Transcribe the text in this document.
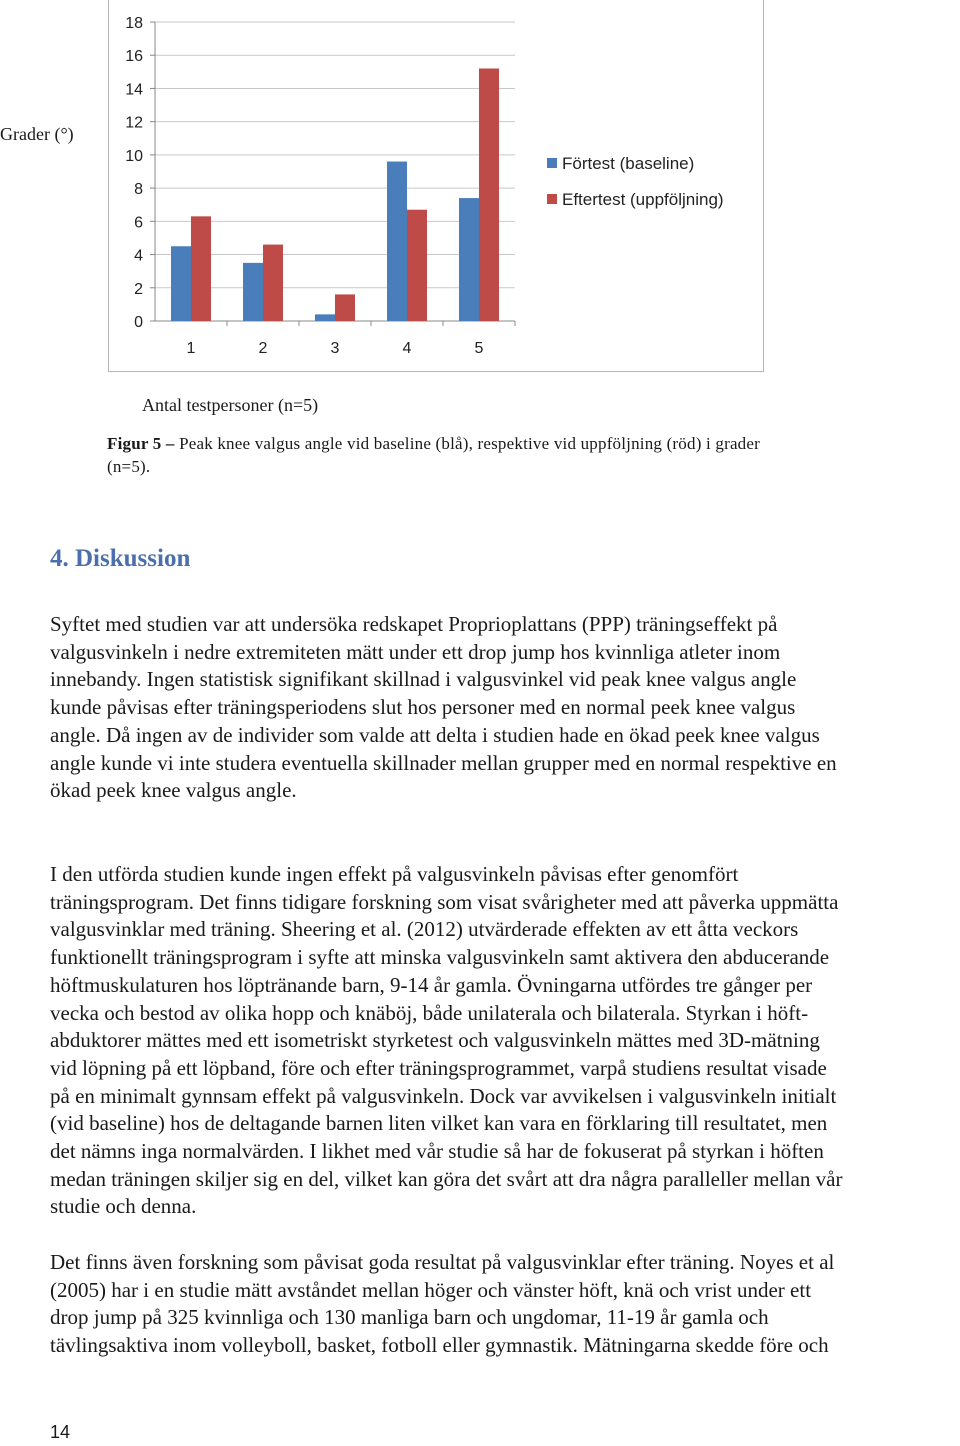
Grader (°)
0
2
4
6
8
10
12
14
16
18
1	2	3	4	5
Förtest (baseline)
Eftertest (uppföljning)
Antal testpersoner (n=5)
Figur 5 – Peak knee valgus angle vid baseline (blå), respektive vid uppföljning (röd) i grader (n=5).
4. Diskussion
Syftet med studien var att undersöka redskapet Proprioplattans (PPP) träningseffekt på
valgusvinkeln i nedre extremiteten mätt under ett drop jump hos kvinnliga atleter inom
innebandy. Ingen statistisk signifikant skillnad i valgusvinkel vid peak knee valgus angle
kunde påvisas efter träningsperiodens slut hos personer med en normal peek knee valgus
angle. Då ingen av de individer som valde att delta i studien hade en ökad peek knee valgus
angle kunde vi inte studera eventuella skillnader mellan grupper med en normal respektive en
ökad peek knee valgus angle.
I den utförda studien kunde ingen effekt på valgusvinkeln påvisas efter genomfört
träningsprogram. Det finns tidigare forskning som visat svårigheter med att påverka uppmätta
valgusvinklar med träning. Sheering et al. (2012) utvärderade effekten av ett åtta veckors
funktionellt träningsprogram i syfte att minska valgusvinkeln samt aktivera den abducerande
höftmuskulaturen hos löptränande barn, 9-14 år gamla. Övningarna utfördes tre gånger per
vecka och bestod av olika hopp och knäböj, både unilaterala och bilaterala. Styrkan i höft-
abduktorer mättes med ett isometriskt styrketest och valgusvinkeln mättes med 3D-mätning
vid löpning på ett löpband, före och efter träningsprogrammet, varpå studiens resultat visade
på en minimalt gynnsam effekt på valgusvinkeln. Dock var avvikelsen i valgusvinkeln initialt
(vid baseline) hos de deltagande barnen liten vilket kan vara en förklaring till resultatet, men
det nämns inga normalvärden. I likhet med vår studie så har de fokuserat på styrkan i höften
medan träningen skiljer sig en del, vilket kan göra det svårt att dra några paralleller mellan vår
studie och denna.
Det finns även forskning som påvisat goda resultat på valgusvinklar efter träning. Noyes et al
(2005) har i en studie mätt avståndet mellan höger och vänster höft, knä och vrist under ett
drop jump på 325 kvinnliga och 130 manliga barn och ungdomar, 11-19 år gamla och
tävlingsaktiva inom volleyboll, basket, fotboll eller gymnastik. Mätningarna skedde före och
14
